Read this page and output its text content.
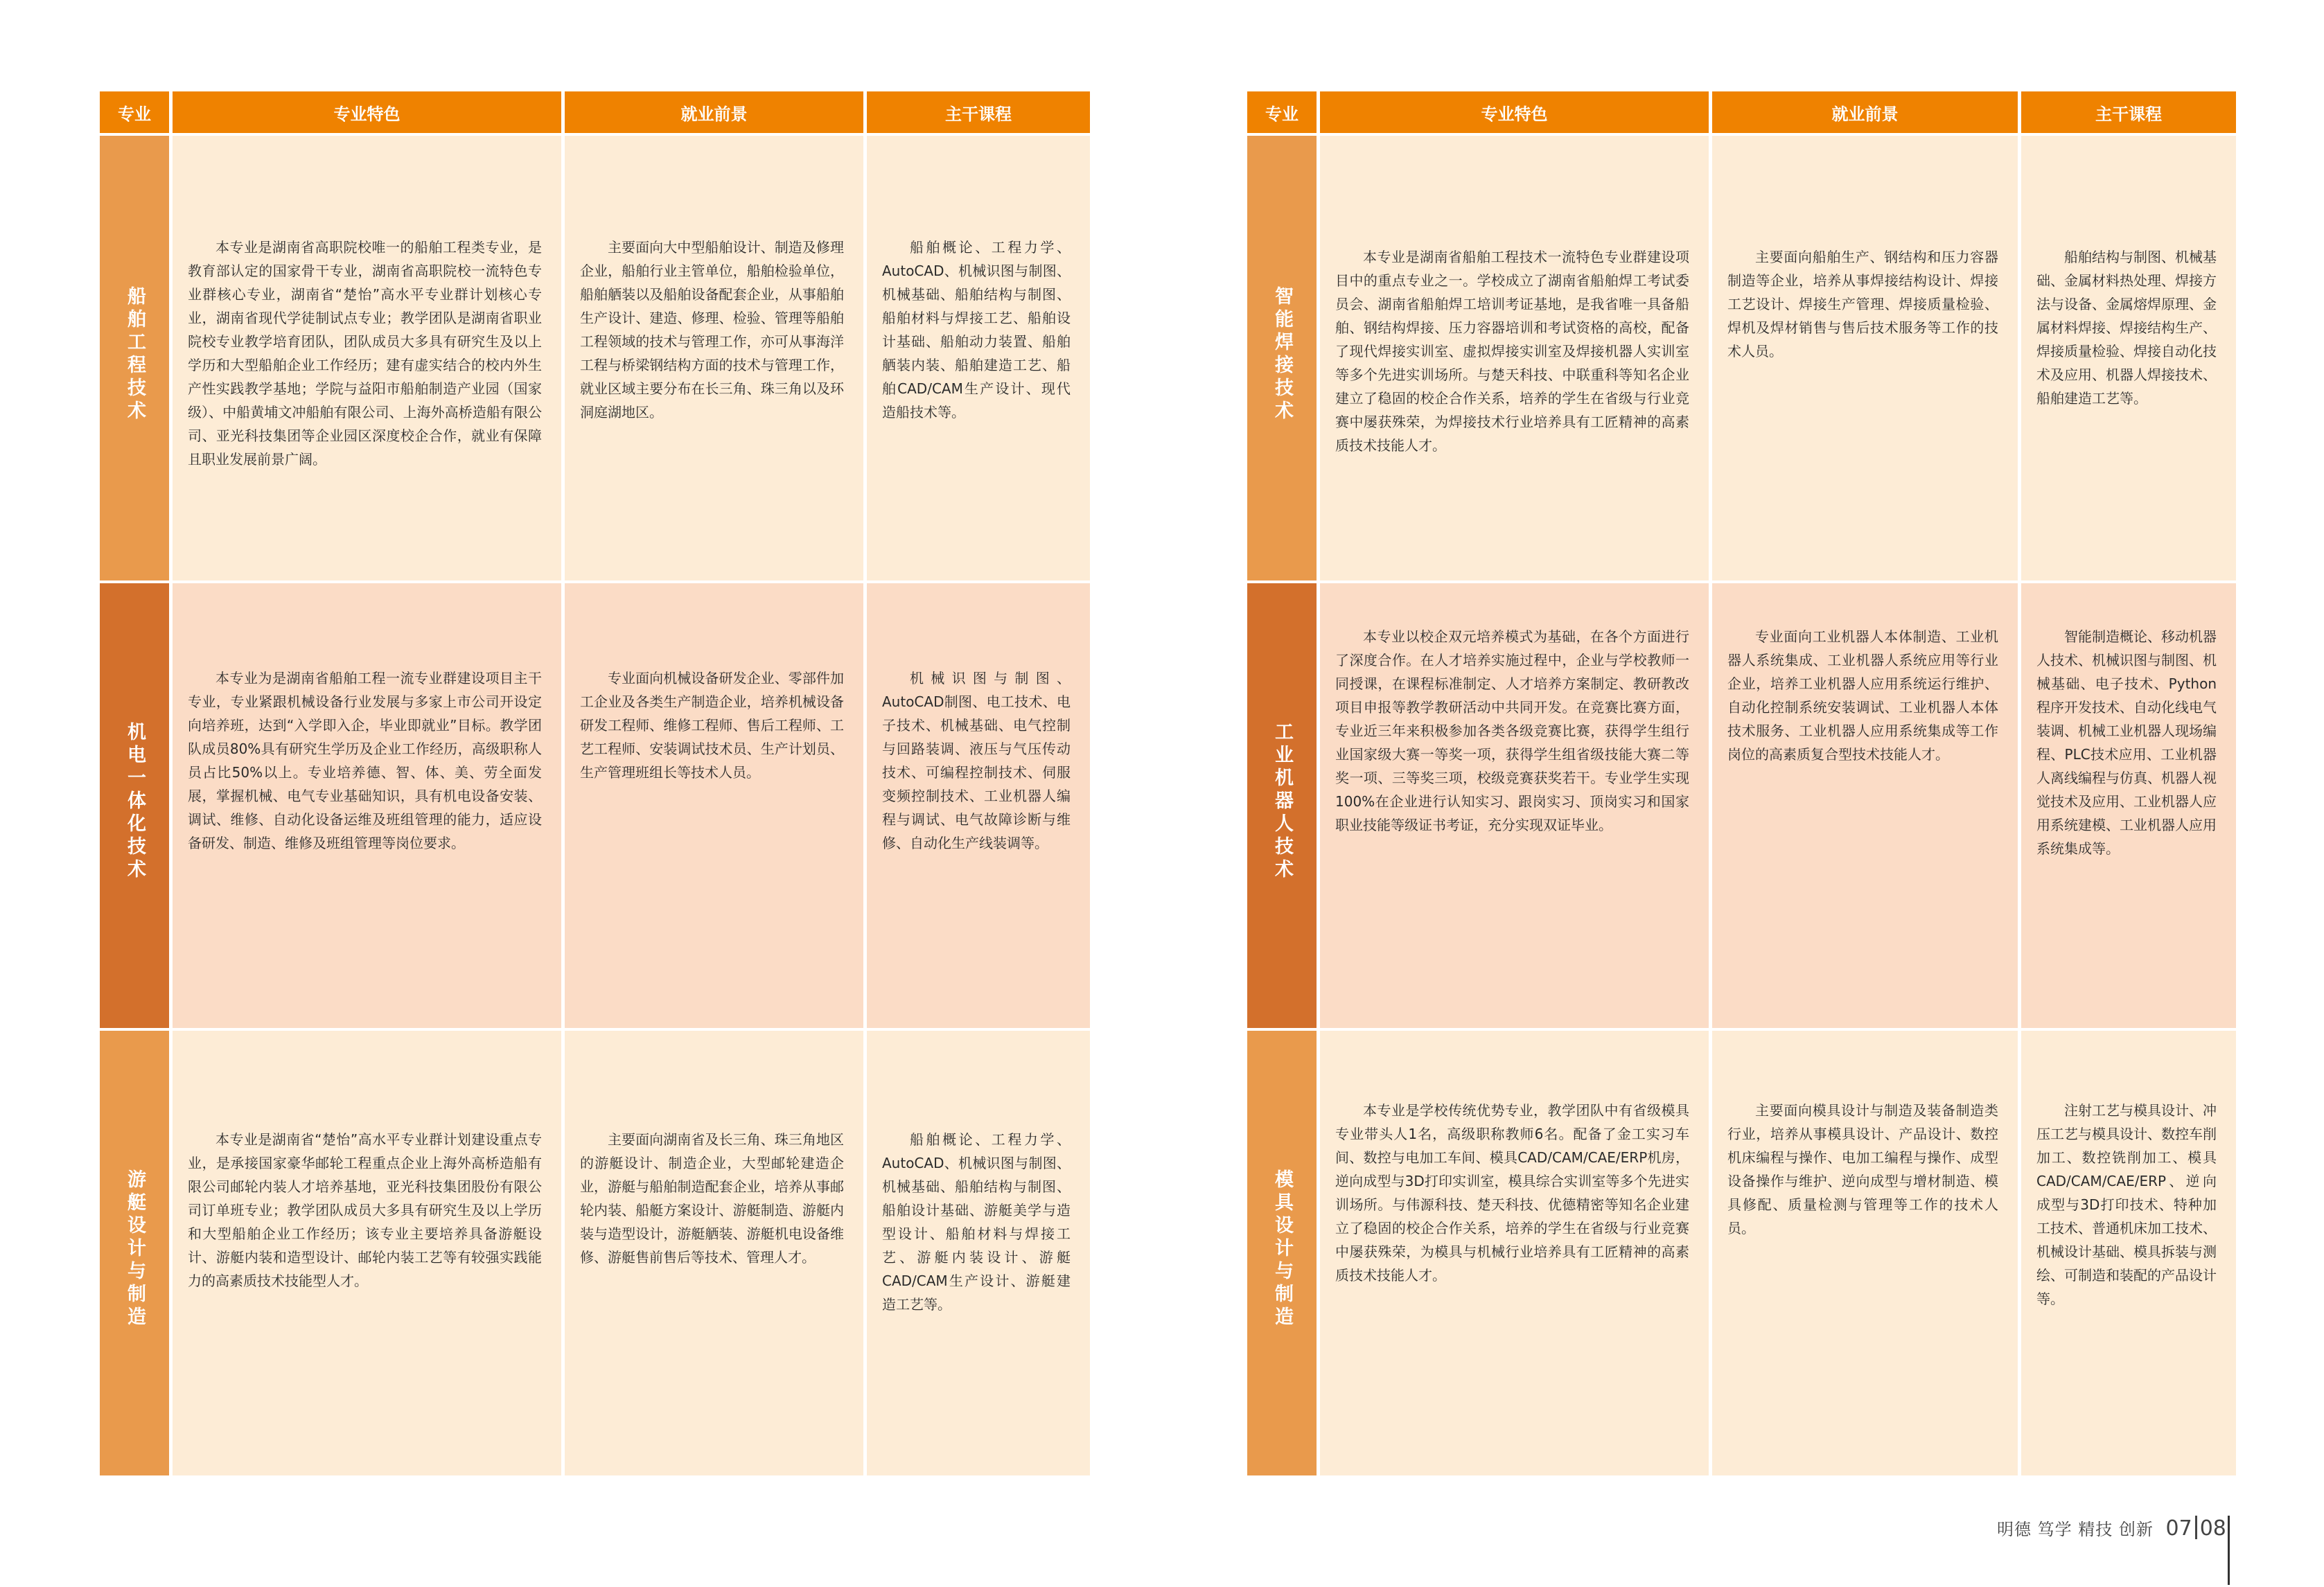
专业	专业特色	就业前景	主干课程
船舶工程技术	本专业是湖南省高职院校唯一的船舶工程类专业，是教育部认定的国家骨干专业，湖南省高职院校一流特色专业群核心专业，湖南省“楚怡”高水平专业群计划核心专业，湖南省现代学徒制试点专业；教学团队是湖南省职业院校专业教学培育团队，团队成员大多具有研究生及以上学历和大型船舶企业工作经历；建有虚实结合的校内外生产性实践教学基地；学院与益阳市船舶制造产业园（国家级）、中船黄埔文冲船舶有限公司、上海外高桥造船有限公司、亚光科技集团等企业园区深度校企合作，就业有保障且职业发展前景广阔。	主要面向大中型船舶设计、制造及修理企业，船舶行业主管单位，船舶检验单位，船舶舾装以及船舶设备配套企业，从事船舶生产设计、建造、修理、检验、管理等船舶工程领域的技术与管理工作，亦可从事海洋工程与桥梁钢结构方面的技术与管理工作，就业区域主要分布在长三角、珠三角以及环洞庭湖地区。	船舶概论、工程力学、AutoCAD、机械识图与制图、机械基础、船舶结构与制图、船舶材料与焊接工艺、船舶设计基础、船舶动力装置、船舶舾装内装、船舶建造工艺、船舶CAD/CAM生产设计、现代造船技术等。

机电一体化技术	本专业为是湖南省船舶工程一流专业群建设项目主干专业，专业紧跟机械设备行业发展与多家上市公司开设定向培养班，达到“入学即入企，毕业即就业”目标。教学团队成员80%具有研究生学历及企业工作经历，高级职称人员占比50%以上。专业培养德、智、体、美、劳全面发展，掌握机械、电气专业基础知识，具有机电设备安装、调试、维修、自动化设备运维及班组管理的能力，适应设备研发、制造、维修及班组管理等岗位要求。	专业面向机械设备研发企业、零部件加工企业及各类生产制造企业，培养机械设备研发工程师、维修工程师、售后工程师、工艺工程师、安装调试技术员、生产计划员、生产管理班组长等技术人员。	机械识图与制图、AutoCAD制图、电工技术、电子技术、机械基础、电气控制与回路装调、液压与气压传动技术、可编程控制技术、伺服变频控制技术、工业机器人编程与调试、电气故障诊断与维修、自动化生产线装调等。

游艇设计与制造	本专业是湖南省“楚怡”高水平专业群计划建设重点专业，是承接国家豪华邮轮工程重点企业上海外高桥造船有限公司邮轮内装人才培养基地，亚光科技集团股份有限公司订单班专业；教学团队成员大多具有研究生及以上学历和大型船舶企业工作经历；该专业主要培养具备游艇设计、游艇内装和造型设计、邮轮内装工艺等有较强实践能力的高素质技术技能型人才。	主要面向湖南省及长三角、珠三角地区的游艇设计、制造企业，大型邮轮建造企业，游艇与船舶制造配套企业，培养从事邮轮内装、船艇方案设计、游艇制造、游艇内装与造型设计，游艇舾装、游艇机电设备维修、游艇售前售后等技术、管理人才。	船舶概论、工程力学、AutoCAD、机械识图与制图、机械基础、船舶结构与制图、船舶设计基础、游艇美学与造型设计、船舶材料与焊接工艺、游艇内装设计、游艇CAD/CAM生产设计、游艇建造工艺等。
专业	专业特色	就业前景	主干课程
智能焊接技术	本专业是湖南省船舶工程技术一流特色专业群建设项目中的重点专业之一。学校成立了湖南省船舶焊工考试委员会、湖南省船舶焊工培训考证基地，是我省唯一具备船舶、钢结构焊接、压力容器培训和考试资格的高校，配备了现代焊接实训室、虚拟焊接实训室及焊接机器人实训室等多个先进实训场所。与楚天科技、中联重科等知名企业建立了稳固的校企合作关系，培养的学生在省级与行业竞赛中屡获殊荣，为焊接技术行业培养具有工匠精神的高素质技术技能人才。	主要面向船舶生产、钢结构和压力容器制造等企业，培养从事焊接结构设计、焊接工艺设计、焊接生产管理、焊接质量检验、焊机及焊材销售与售后技术服务等工作的技术人员。	船舶结构与制图、机械基础、金属材料热处理、焊接方法与设备、金属熔焊原理、金属材料焊接、焊接结构生产、焊接质量检验、焊接自动化技术及应用、机器人焊接技术、船舶建造工艺等。

工业机器人技术	本专业以校企双元培养模式为基础，在各个方面进行了深度合作。在人才培养实施过程中，企业与学校教师一同授课，在课程标准制定、人才培养方案制定、教研教改项目申报等教学教研活动中共同开发。在竞赛比赛方面，专业近三年来积极参加各类各级竞赛比赛，获得学生组行业国家级大赛一等奖一项，获得学生组省级技能大赛二等奖一项、三等奖三项，校级竞赛获奖若干。专业学生实现100%在企业进行认知实习、跟岗实习、顶岗实习和国家职业技能等级证书考证，充分实现双证毕业。	专业面向工业机器人本体制造、工业机器人系统集成、工业机器人系统应用等行业企业，培养工业机器人应用系统运行维护、自动化控制系统安装调试、工业机器人本体技术服务、工业机器人应用系统集成等工作岗位的高素质复合型技术技能人才。	智能制造概论、移动机器人技术、机械识图与制图、机械基础、电子技术、Python程序开发技术、自动化线电气装调、机械工业机器人现场编程、PLC技术应用、工业机器人离线编程与仿真、机器人视觉技术及应用、工业机器人应用系统建模、工业机器人应用系统集成等。

模具设计与制造	本专业是学校传统优势专业，教学团队中有省级模具专业带头人1名，高级职称教师6名。配备了金工实习车间、数控与电加工车间、模具CAD/CAM/CAE/ERP机房，逆向成型与3D打印实训室，模具综合实训室等多个先进实训场所。与伟源科技、楚天科技、优德精密等知名企业建立了稳固的校企合作关系，培养的学生在省级与行业竞赛中屡获殊荣，为模具与机械行业培养具有工匠精神的高素质技术技能人才。	主要面向模具设计与制造及装备制造类行业，培养从事模具设计、产品设计、数控机床编程与操作、电加工编程与操作、成型设备操作与维护、逆向成型与增材制造、模具修配、质量检测与管理等工作的技术人员。	注射工艺与模具设计、冲压工艺与模具设计、数控车削加工、数控铣削加工、模具CAD/CAM/CAE/ERP、逆向成型与3D打印技术、特种加工技术、普通机床加工技术、机械设计基础、模具拆装与测绘、可制造和装配的产品设计等。
明德 笃学 精技 创新 07 08
